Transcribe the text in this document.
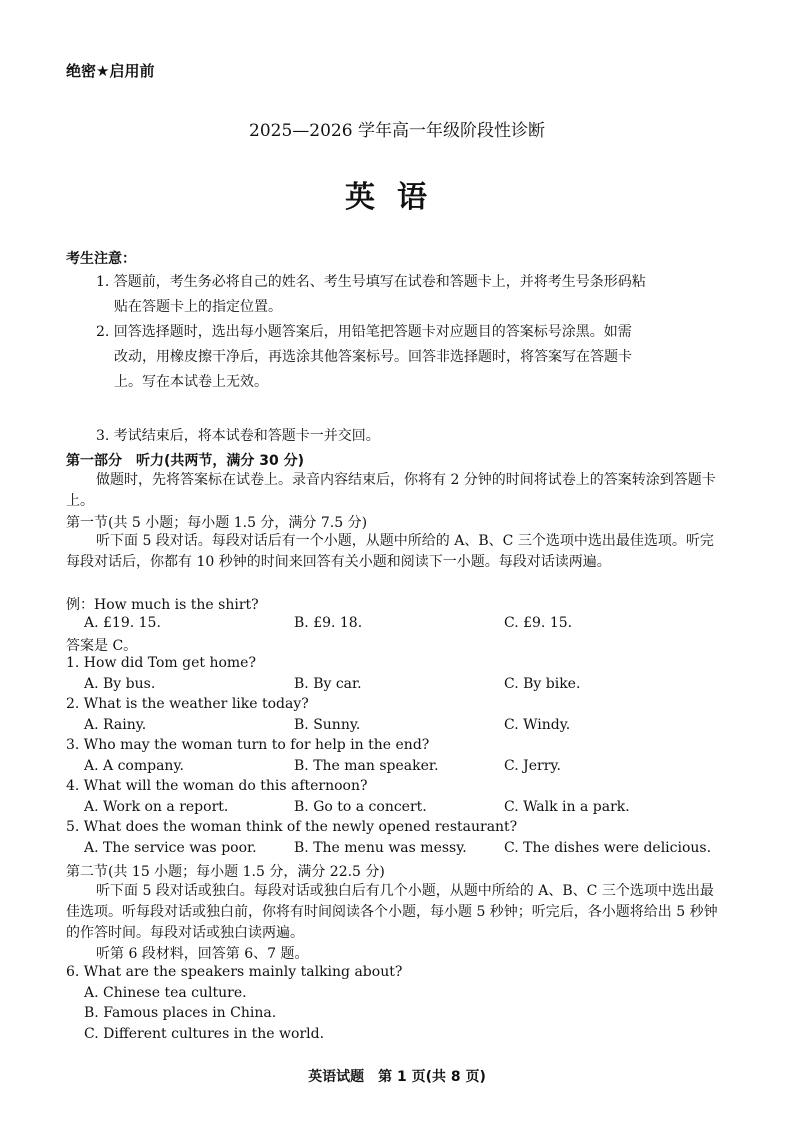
绝密★启用前
2025—2026 学年高一年级阶段性诊断
英语
考生注意：
1. 答题前，考生务必将自己的姓名、考生号填写在试卷和答题卡上，并将考生号条形码粘
贴在答题卡上的指定位置。
2. 回答选择题时，选出每小题答案后，用铅笔把答题卡对应题目的答案标号涂黑。如需
改动，用橡皮擦干净后，再选涂其他答案标号。回答非选择题时，将答案写在答题卡
上。写在本试卷上无效。
3. 考试结束后，将本试卷和答题卡一并交回。
第一部分　听力(共两节，满分 30 分)
做题时，先将答案标在试卷上。录音内容结束后，你将有 2 分钟的时间将试卷上的答案转涂到答题卡上。
第一节(共 5 小题；每小题 1.5 分，满分 7.5 分)
听下面 5 段对话。每段对话后有一个小题，从题中所给的 A、B、C 三个选项中选出最佳选项。听完每段对话后，你都有 10 秒钟的时间来回答有关小题和阅读下一小题。每段对话读两遍。
例：How much is the shirt?
A. £19. 15.	B. £9. 18.	C. £9. 15.
答案是 C。
1. How did Tom get home?
A. By bus.	B. By car.	C. By bike.
2. What is the weather like today?
A. Rainy.	B. Sunny.	C. Windy.
3. Who may the woman turn to for help in the end?
A. A company.	B. The man speaker.	C. Jerry.
4. What will the woman do this afternoon?
A. Work on a report.	B. Go to a concert.	C. Walk in a park.
5. What does the woman think of the newly opened restaurant?
A. The service was poor.	B. The menu was messy.	C. The dishes were delicious.
第二节(共 15 小题；每小题 1.5 分，满分 22.5 分)
听下面 5 段对话或独白。每段对话或独白后有几个小题，从题中所给的 A、B、C 三个选项中选出最佳选项。听每段对话或独白前，你将有时间阅读各个小题，每小题 5 秒钟；听完后，各小题将给出 5 秒钟的作答时间。每段对话或独白读两遍。
听第 6 段材料，回答第 6、7 题。
6. What are the speakers mainly talking about?
A. Chinese tea culture.
B. Famous places in China.
C. Different cultures in the world.
英语试题　第 1 页(共 8 页)
